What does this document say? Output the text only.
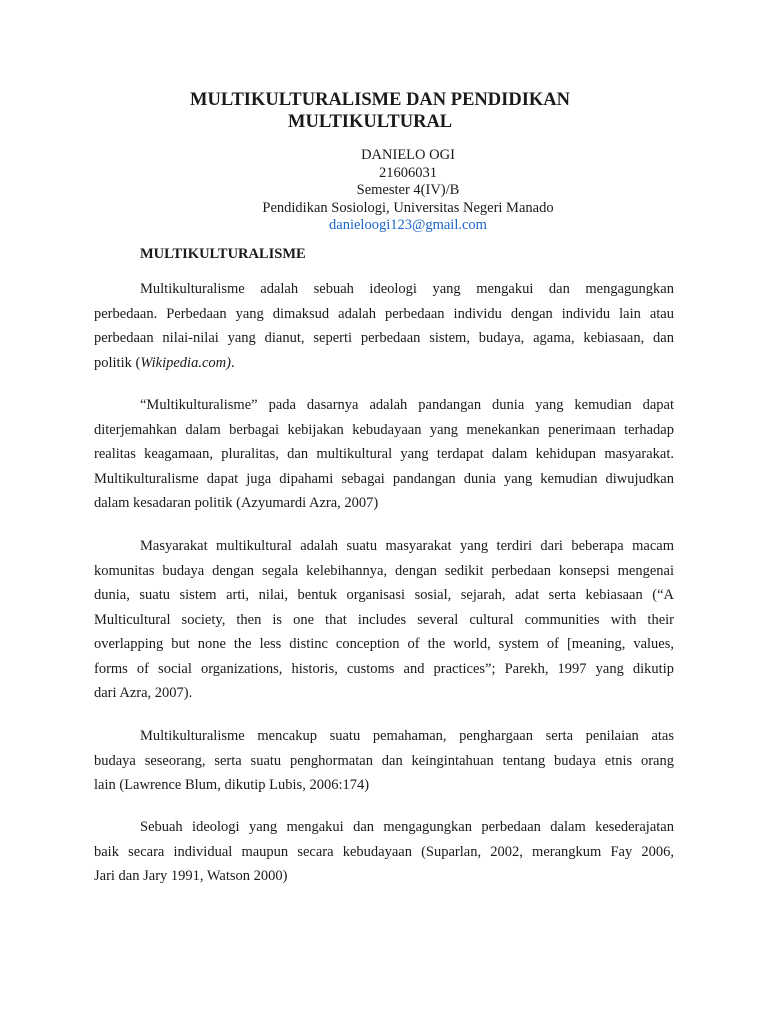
MULTIKULTURALISME DAN PENDIDIKAN
MULTIKULTURAL
DANIELO OGI
21606031
Semester 4(IV)/B
Pendidikan Sosiologi, Universitas Negeri Manado
danieloogi123@gmail.com
MULTIKULTURALISME

Multikulturalisme adalah sebuah ideologi yang mengakui dan mengagungkan
perbedaan. Perbedaan yang dimaksud adalah perbedaan individu dengan individu lain atau
perbedaan nilai-nilai yang dianut, seperti perbedaan sistem, budaya, agama, kebiasaan, dan
politik (Wikipedia.com).

“Multikulturalisme” pada dasarnya adalah pandangan dunia yang kemudian dapat
diterjemahkan dalam berbagai kebijakan kebudayaan yang menekankan penerimaan terhadap
realitas keagamaan, pluralitas, dan multikultural yang terdapat dalam kehidupan masyarakat.
Multikulturalisme dapat juga dipahami sebagai pandangan dunia yang kemudian diwujudkan
dalam kesadaran politik (Azyumardi Azra, 2007)

Masyarakat multikultural adalah suatu masyarakat yang terdiri dari beberapa macam
komunitas budaya dengan segala kelebihannya, dengan sedikit perbedaan konsepsi mengenai
dunia, suatu sistem arti, nilai, bentuk organisasi sosial, sejarah, adat serta kebiasaan (“A
Multicultural society, then is one that includes several cultural communities with their
overlapping but none the less distinc conception of the world, system of [meaning, values,
forms of social organizations, historis, customs and practices”; Parekh, 1997 yang dikutip
dari Azra, 2007).

Multikulturalisme mencakup suatu pemahaman, penghargaan serta penilaian atas
budaya seseorang, serta suatu penghormatan dan keingintahuan tentang budaya etnis orang
lain (Lawrence Blum, dikutip Lubis, 2006:174)

Sebuah ideologi yang mengakui dan mengagungkan perbedaan dalam kesederajatan
baik secara individual maupun secara kebudayaan (Suparlan, 2002, merangkum Fay 2006,
Jari dan Jary 1991, Watson 2000)
